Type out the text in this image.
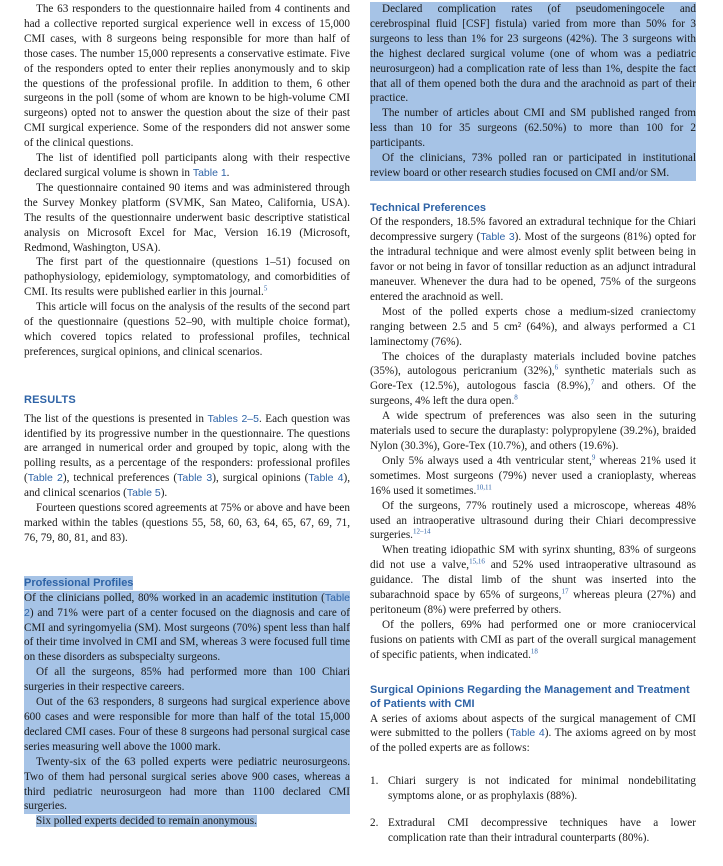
The 63 responders to the questionnaire hailed from 4 continents and had a collective reported surgical experience well in excess of 15,000 CMI cases, with 8 surgeons being responsible for more than half of those cases. The number 15,000 represents a conservative estimate. Five of the responders opted to enter their replies anonymously and to skip the questions of the professional profile. In addition to them, 6 other surgeons in the poll (some of whom are known to be high-volume CMI surgeons) opted not to answer the question about the size of their past CMI surgical experience. Some of the responders did not answer some of the clinical questions.

The list of identified poll participants along with their respective declared surgical volume is shown in Table 1.

The questionnaire contained 90 items and was administered through the Survey Monkey platform (SVMK, San Mateo, California, USA). The results of the questionnaire underwent basic descriptive statistical analysis on Microsoft Excel for Mac, Version 16.19 (Microsoft, Redmond, Washington, USA).

The first part of the questionnaire (questions 1–51) focused on pathophysiology, epidemiology, symptomatology, and comorbidities of CMI. Its results were published earlier in this journal.$^5$

This article will focus on the analysis of the results of the second part of the questionnaire (questions 52–90, with multiple choice format), which covered topics related to professional profiles, technical preferences, surgical opinions, and clinical scenarios.

RESULTS

The list of the questions is presented in Tables 2–5. Each question was identified by its progressive number in the questionnaire. The questions are arranged in numerical order and grouped by topic, along with the polling results, as a percentage of the responders: professional profiles (Table 2), technical preferences (Table 3), surgical opinions (Table 4), and clinical scenarios (Table 5).

Fourteen questions scored agreements at 75% or above and have been marked within the tables (questions 55, 58, 60, 63, 64, 65, 67, 69, 71, 76, 79, 80, 81, and 83).

Professional Profiles

Of the clinicians polled, 80% worked in an academic institution (Table 2) and 71% were part of a center focused on the diagnosis and care of CMI and syringomyelia (SM). Most surgeons (70%) spent less than half of their time involved in CMI and SM, whereas 3 were focused full time on these disorders as subspecialty surgeons.

Of all the surgeons, 85% had performed more than 100 Chiari surgeries in their respective careers.

Out of the 63 responders, 8 surgeons had surgical experience above 600 cases and were responsible for more than half of the total 15,000 declared CMI cases. Four of these 8 surgeons had personal surgical case series measuring well above the 1000 mark.

Twenty-six of the 63 polled experts were pediatric neurosurgeons. Two of them had personal surgical series above 900 cases, whereas a third pediatric neurosurgeon had more than 1100 declared CMI surgeries.

Six polled experts decided to remain anonymous.

Declared complication rates (of pseudomeningocele and cerebrospinal fluid [CSF] fistula) varied from more than 50% for 3 surgeons to less than 1% for 23 surgeons (42%). The 3 surgeons with the highest declared surgical volume (one of whom was a pediatric neurosurgeon) had a complication rate of less than 1%, despite the fact that all of them opened both the dura and the arachnoid as part of their practice.

The number of articles about CMI and SM published ranged from less than 10 for 35 surgeons (62.50%) to more than 100 for 2 participants.

Of the clinicians, 73% polled ran or participated in institutional review board or other research studies focused on CMI and/or SM.

Technical Preferences

Of the responders, 18.5% favored an extradural technique for the Chiari decompressive surgery (Table 3). Most of the surgeons (81%) opted for the intradural technique and were almost evenly split between being in favor or not being in favor of tonsillar reduction as an adjunct intradural maneuver. Whenever the dura had to be opened, 75% of the surgeons entered the arachnoid as well.

Most of the polled experts chose a medium-sized craniectomy ranging between 2.5 and 5 cm² (64%), and always performed a C1 laminectomy (76%).

The choices of the duraplasty materials included bovine patches (35%), autologous pericranium (32%),$^6$ synthetic materials such as Gore-Tex (12.5%), autologous fascia (8.9%),$^7$ and others. Of the surgeons, 4% left the dura open.$^8$

A wide spectrum of preferences was also seen in the suturing materials used to secure the duraplasty: polypropylene (39.2%), braided Nylon (30.3%), Gore-Tex (10.7%), and others (19.6%).

Only 5% always used a 4th ventricular stent,$^9$ whereas 21% used it sometimes. Most surgeons (79%) never used a cranioplasty, whereas 16% used it sometimes.$^{10,11}$

Of the surgeons, 77% routinely used a microscope, whereas 48% used an intraoperative ultrasound during their Chiari decompressive surgeries.$^{12-14}$

When treating idiopathic SM with syrinx shunting, 83% of surgeons did not use a valve,$^{15,16}$ and 52% used intraoperative ultrasound as guidance. The distal limb of the shunt was inserted into the subarachnoid space by 65% of surgeons,$^{17}$ whereas pleura (27%) and peritoneum (8%) were preferred by others.

Of the pollers, 69% had performed one or more craniocervical fusions on patients with CMI as part of the overall surgical management of specific patients, when indicated.$^{18}$

Surgical Opinions Regarding the Management and Treatment of Patients with CMI

A series of axioms about aspects of the surgical management of CMI were submitted to the pollers (Table 4). The axioms agreed on by most of the polled experts are as follows:

1. Chiari surgery is not indicated for minimal nondebilitating symptoms alone, or as prophylaxis (88%).
2. Extradural CMI decompressive techniques have a lower complication rate than their intradural counterparts (80%).
